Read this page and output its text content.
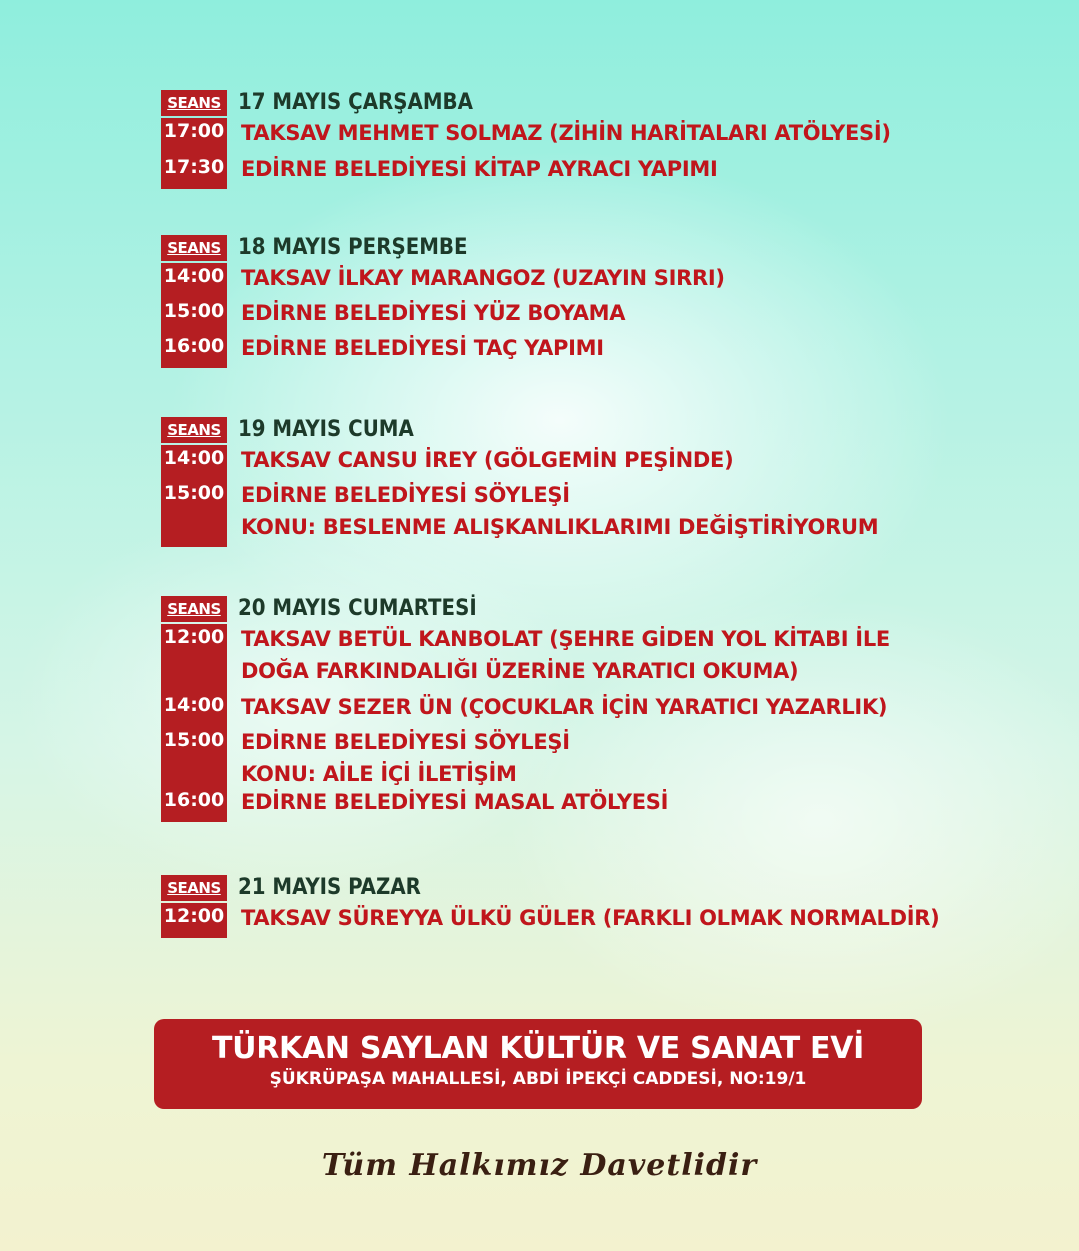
SEANS 17 MAYIS ÇARŞAMBA
17:00 TAKSAV MEHMET SOLMAZ (ZİHİN HARİTALARI ATÖLYESİ)
17:30 EDİRNE BELEDİYESİ KİTAP AYRACI YAPIMI
SEANS 18 MAYIS PERŞEMBE
14:00 TAKSAV İLKAY MARANGOZ (UZAYIN SIRRI)
15:00 EDİRNE BELEDİYESİ YÜZ BOYAMA
16:00 EDİRNE BELEDİYESİ TAÇ YAPIMI
SEANS 19 MAYIS CUMA
14:00 TAKSAV CANSU İREY (GÖLGEMİN PEŞİNDE)
15:00 EDİRNE BELEDİYESİ SÖYLEŞİ
KONU: BESLENME ALIŞKANLIKLARIMI DEĞİŞTİRİYORUM
SEANS 20 MAYIS CUMARTESİ
12:00 TAKSAV BETÜL KANBOLAT (ŞEHRE GİDEN YOL KİTABI İLE
DOĞA FARKINDALIĞI ÜZERİNE YARATICI OKUMA)
14:00 TAKSAV SEZER ÜN (ÇOCUKLAR İÇİN YARATICI YAZARLIK)
15:00 EDİRNE BELEDİYESİ SÖYLEŞİ
KONU: AİLE İÇİ İLETİŞİM
16:00 EDİRNE BELEDİYESİ MASAL ATÖLYESİ
SEANS 21 MAYIS PAZAR
12:00 TAKSAV SÜREYYA ÜLKÜ GÜLER (FARKLI OLMAK NORMALDİR)
TÜRKAN SAYLAN KÜLTÜR VE SANAT EVİ
ŞÜKRÜPAŞA MAHALLESİ, ABDİ İPEKÇİ CADDESİ, NO:19/1
Tüm Halkımız Davetlidir
